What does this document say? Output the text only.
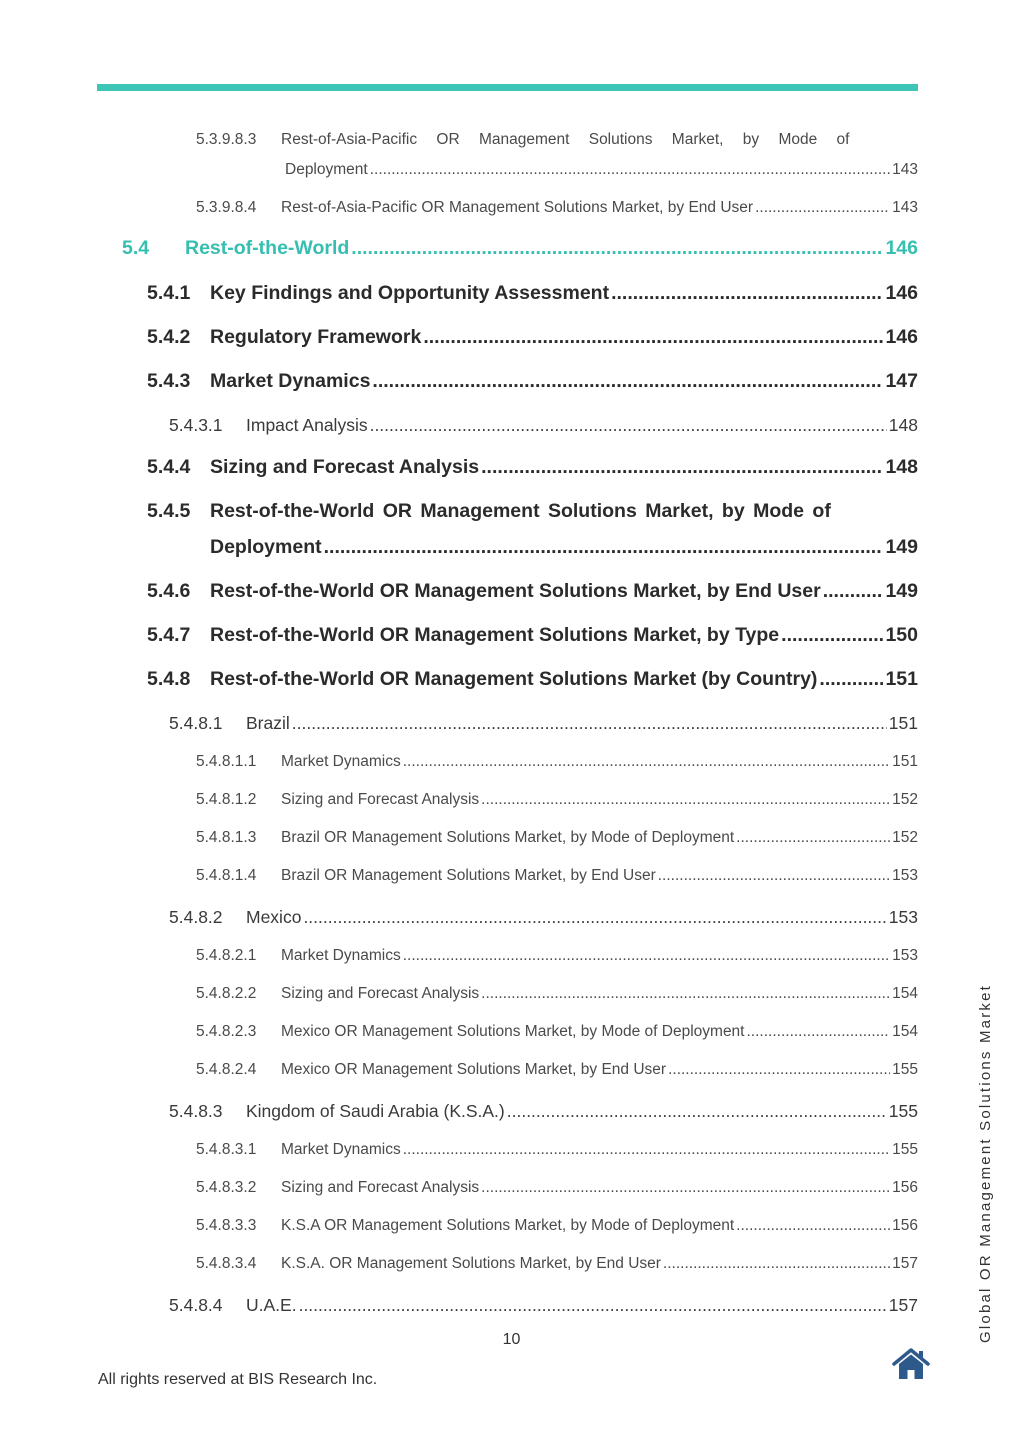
5.3.9.8.3	Rest-of-Asia-Pacific OR Management Solutions Market, by Mode of
Deployment .....	143
5.3.9.8.4	Rest-of-Asia-Pacific OR Management Solutions Market, by End User .....	143
5.4	Rest-of-the-World .....	146
5.4.1	Key Findings and Opportunity Assessment .....	146
5.4.2	Regulatory Framework .....	146
5.4.3	Market Dynamics .....	147
5.4.3.1	Impact Analysis .....	148
5.4.4	Sizing and Forecast Analysis .....	148
5.4.5	Rest-of-the-World OR Management Solutions Market, by Mode of
Deployment .....	149
5.4.6	Rest-of-the-World OR Management Solutions Market, by End User .....	149
5.4.7	Rest-of-the-World OR Management Solutions Market, by Type .....	150
5.4.8	Rest-of-the-World OR Management Solutions Market (by Country) .....	151
5.4.8.1	Brazil .....	151
5.4.8.1.1	Market Dynamics .....	151
5.4.8.1.2	Sizing and Forecast Analysis .....	152
5.4.8.1.3	Brazil OR Management Solutions Market, by Mode of Deployment .....	152
5.4.8.1.4	Brazil OR Management Solutions Market, by End User .....	153
5.4.8.2	Mexico .....	153
5.4.8.2.1	Market Dynamics .....	153
5.4.8.2.2	Sizing and Forecast Analysis .....	154
5.4.8.2.3	Mexico OR Management Solutions Market, by Mode of Deployment .....	154
5.4.8.2.4	Mexico OR Management Solutions Market, by End User .....	155
5.4.8.3	Kingdom of Saudi Arabia (K.S.A.) .....	155
5.4.8.3.1	Market Dynamics .....	155
5.4.8.3.2	Sizing and Forecast Analysis .....	156
5.4.8.3.3	K.S.A OR Management Solutions Market, by Mode of Deployment .....	156
5.4.8.3.4	K.S.A. OR Management Solutions Market, by End User .....	157
5.4.8.4	U.A.E. .....	157
10
All rights reserved at BIS Research Inc.
Global OR Management Solutions Market
